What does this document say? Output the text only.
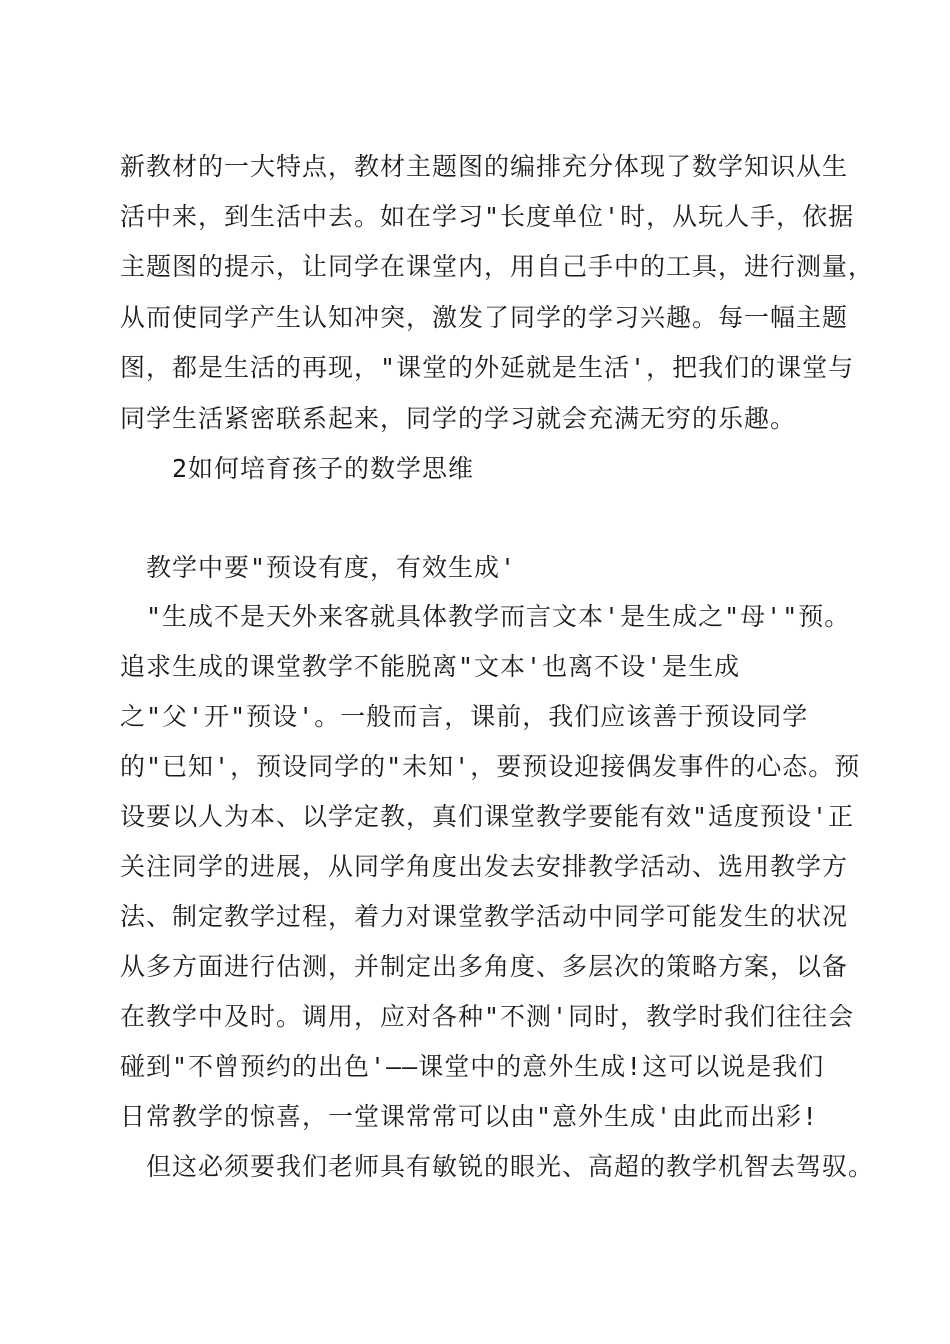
新教材的一大特点，教材主题图的编排充分体现了数学知识从生
活中来，到生活中去。如在学习"长度单位'时，从玩人手，依据
主题图的提示，让同学在课堂内，用自己手中的工具，进行测量，
从而使同学产生认知冲突，激发了同学的学习兴趣。每一幅主题
图，都是生活的再现，"课堂的外延就是生活'，把我们的课堂与
同学生活紧密联系起来，同学的学习就会充满无穷的乐趣。
2如何培育孩子的数学思维
教学中要"预设有度，有效生成'
"生成不是天外来客就具体教学而言文本'是生成之"母'"预。
追求生成的课堂教学不能脱离"文本'也离不设'是生成
之"父'开"预设'。一般而言，课前，我们应该善于预设同学
的"已知'，预设同学的"未知'，要预设迎接偶发事件的心态。预
设要以人为本、以学定教，真们课堂教学要能有效"适度预设'正
关注同学的进展，从同学角度出发去安排教学活动、选用教学方
法、制定教学过程，着力对课堂教学活动中同学可能发生的状况
从多方面进行估测，并制定出多角度、多层次的策略方案，以备
在教学中及时。调用，应对各种"不测'同时，教学时我们往往会
碰到"不曾预约的出色'——课堂中的意外生成!这可以说是我们
日常教学的惊喜，一堂课常常可以由"意外生成'由此而出彩!
但这必须要我们老师具有敏锐的眼光、高超的教学机智去驾驭。
